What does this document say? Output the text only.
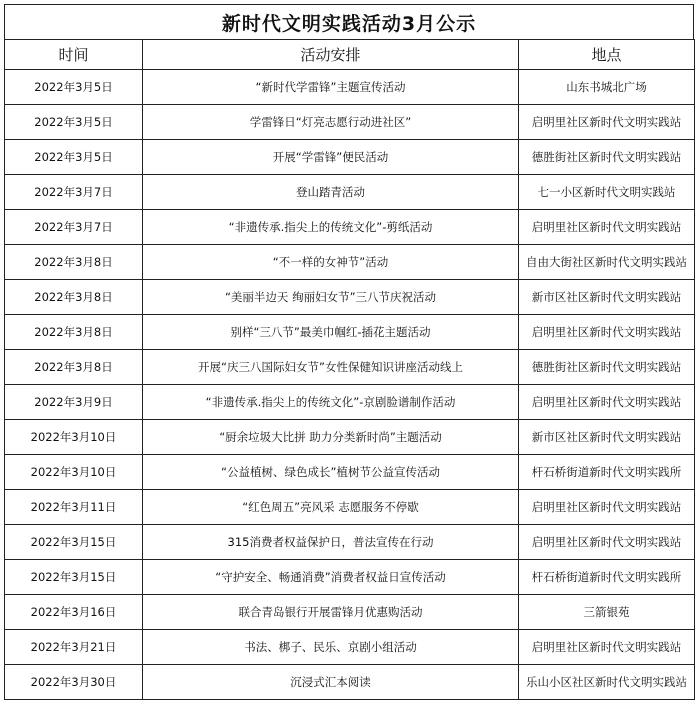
新时代文明实践活动3月公示
时间	活动安排	地点
2022年3月5日	“新时代学雷锋”主题宣传活动	山东书城北广场
2022年3月5日	学雷锋日“灯亮志愿行动进社区”	启明里社区新时代文明实践站
2022年3月5日	开展“学雷锋”便民活动	德胜街社区新时代文明实践站
2022年3月7日	登山踏青活动	七一小区新时代文明实践站
2022年3月7日	“非遗传承.指尖上的传统文化”-剪纸活动	启明里社区新时代文明实践站
2022年3月8日	“不一样的女神节”活动	自由大街社区新时代文明实践站
2022年3月8日	“美丽半边天 绚丽妇女节”三八节庆祝活动	新市区社区新时代文明实践站
2022年3月8日	别样“三八节”最美巾帼红-插花主题活动	启明里社区新时代文明实践站
2022年3月8日	开展“庆三八国际妇女节”女性保健知识讲座活动线上	德胜街社区新时代文明实践站
2022年3月9日	“非遗传承.指尖上的传统文化”-京剧脸谱制作活动	启明里社区新时代文明实践站
2022年3月10日	“厨余垃圾大比拼 助力分类新时尚”主题活动	新市区社区新时代文明实践站
2022年3月10日	“公益植树、绿色成长”植树节公益宣传活动	杆石桥街道新时代文明实践所
2022年3月11日	“红色周五”亮风采 志愿服务不停歇	启明里社区新时代文明实践站
2022年3月15日	315消费者权益保护日，普法宣传在行动	启明里社区新时代文明实践站
2022年3月15日	“守护安全、畅通消费”消费者权益日宣传活动	杆石桥街道新时代文明实践所
2022年3月16日	联合青岛银行开展雷锋月优惠购活动	三箭银苑
2022年3月21日	书法、梆子、民乐、京剧小组活动	启明里社区新时代文明实践站
2022年3月30日	沉浸式汇本阅读	乐山小区社区新时代文明实践站
